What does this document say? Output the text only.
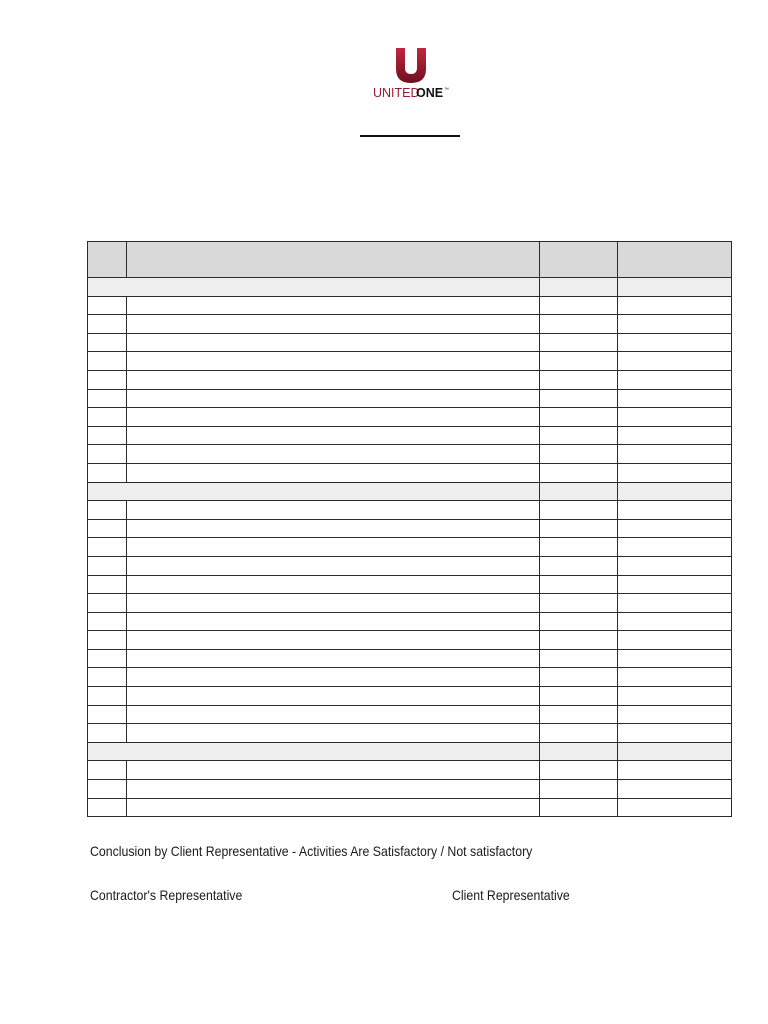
UNITED
ONE ™

Conclusion by Client Representative - Activities Are Satisfactory / Not satisfactory
Contractor's Representative	Client Representative
